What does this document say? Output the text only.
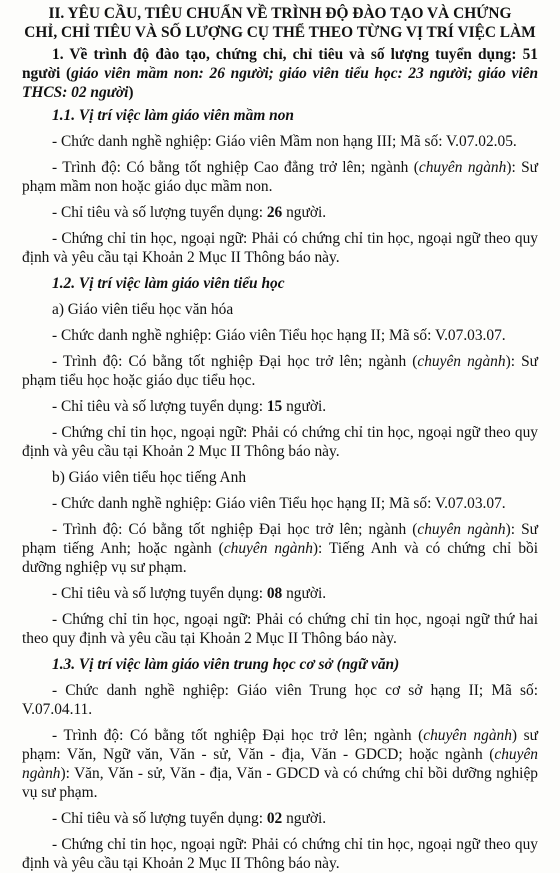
II. YÊU CẦU, TIÊU CHUẨN VỀ TRÌNH ĐỘ ĐÀO TẠO VÀ CHỨNG
CHỈ, CHỈ TIÊU VÀ SỐ LƯỢNG CỤ THỂ THEO TỪNG VỊ TRÍ VIỆC LÀM

1. Về trình độ đào tạo, chứng chỉ, chỉ tiêu và số lượng tuyển dụng: 51 người (giáo viên mầm non: 26 người; giáo viên tiểu học: 23 người; giáo viên THCS: 02 người)

1.1. Vị trí việc làm giáo viên mầm non

- Chức danh nghề nghiệp: Giáo viên Mầm non hạng III; Mã số: V.07.02.05.

- Trình độ: Có bằng tốt nghiệp Cao đẳng trở lên; ngành (chuyên ngành): Sư phạm mầm non hoặc giáo dục mầm non.

- Chỉ tiêu và số lượng tuyển dụng: 26 người.

- Chứng chỉ tin học, ngoại ngữ: Phải có chứng chỉ tin học, ngoại ngữ theo quy định và yêu cầu tại Khoản 2 Mục II Thông báo này.

1.2. Vị trí việc làm giáo viên tiểu học

a) Giáo viên tiểu học văn hóa

- Chức danh nghề nghiệp: Giáo viên Tiểu học hạng II; Mã số: V.07.03.07.

- Trình độ: Có bằng tốt nghiệp Đại học trở lên; ngành (chuyên ngành): Sư phạm tiểu học hoặc giáo dục tiểu học.

- Chỉ tiêu và số lượng tuyển dụng: 15 người.

- Chứng chỉ tin học, ngoại ngữ: Phải có chứng chỉ tin học, ngoại ngữ theo quy định và yêu cầu tại Khoản 2 Mục II Thông báo này.

b) Giáo viên tiểu học tiếng Anh

- Chức danh nghề nghiệp: Giáo viên Tiểu học hạng II; Mã số: V.07.03.07.

- Trình độ: Có bằng tốt nghiệp Đại học trở lên; ngành (chuyên ngành): Sư phạm tiếng Anh; hoặc ngành (chuyên ngành): Tiếng Anh và có chứng chỉ bồi dưỡng nghiệp vụ sư phạm.

- Chỉ tiêu và số lượng tuyển dụng: 08 người.

- Chứng chỉ tin học, ngoại ngữ: Phải có chứng chỉ tin học, ngoại ngữ thứ hai theo quy định và yêu cầu tại Khoản 2 Mục II Thông báo này.

1.3. Vị trí việc làm giáo viên trung học cơ sở (ngữ văn)

- Chức danh nghề nghiệp: Giáo viên Trung học cơ sở hạng II; Mã số: V.07.04.11.

- Trình độ: Có bằng tốt nghiệp Đại học trở lên; ngành (chuyên ngành) sư phạm: Văn, Ngữ văn, Văn - sử, Văn - địa, Văn - GDCD; hoặc ngành (chuyên ngành): Văn, Văn - sử, Văn - địa, Văn - GDCD và có chứng chỉ bồi dưỡng nghiệp vụ sư phạm.

- Chỉ tiêu và số lượng tuyển dụng: 02 người.

- Chứng chỉ tin học, ngoại ngữ: Phải có chứng chỉ tin học, ngoại ngữ theo quy định và yêu cầu tại Khoản 2 Mục II Thông báo này.
